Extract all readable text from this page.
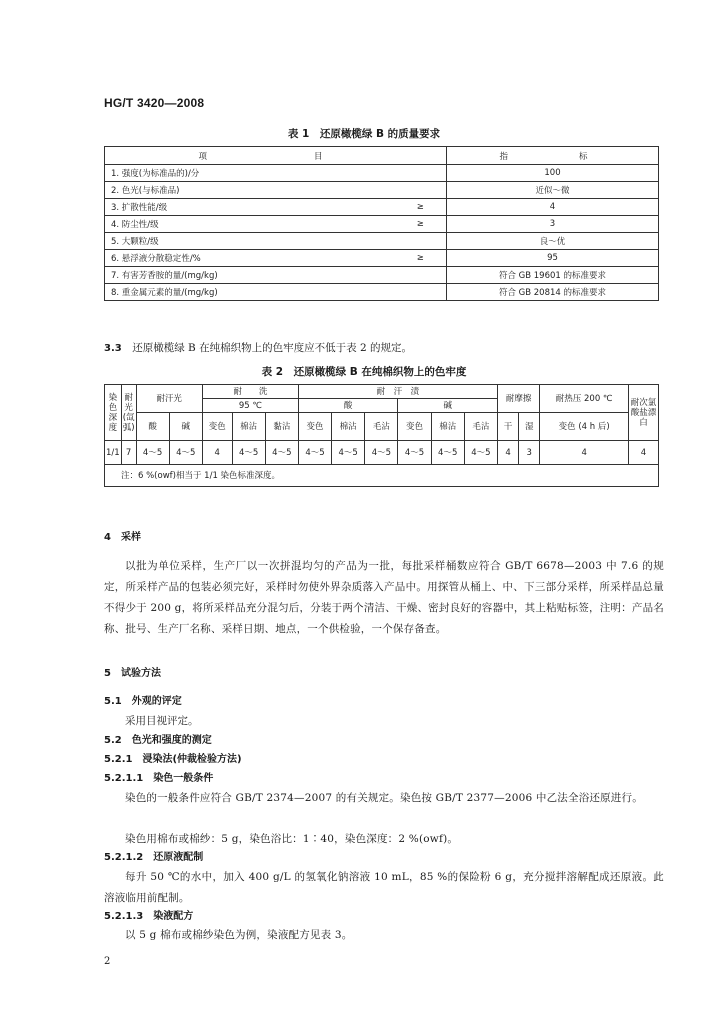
HG/T 3420—2008
表 1　还原橄榄绿 B 的质量要求
项　　目		指　　标
1. 强度(为标准品的)/分		100
2. 色光(与标准品)		近似～微
3. 扩散性能/级	≥	4
4. 防尘性/级	≥	3
5. 大颗粒/级		良～优
6. 悬浮液分散稳定性/%	≥	95
7. 有害芳香胺的量/(mg/kg)		符合 GB 19601 的标准要求
8. 重金属元素的量/(mg/kg)		符合 GB 20814 的标准要求
3.3　 还原橄榄绿 B 在纯棉织物上的色牢度应不低于表 2 的规定。
表 2　还原橄榄绿 B 在纯棉织物上的色牢度
染色深度	耐光(氙弧)	耐汗光		耐　　洗			耐　汗　渍						耐摩擦		耐热压 200 ℃	耐次氯酸盐漂白
				95 ℃			酸			碱						
		酸	碱	变色	棉沾	黏沾	变色	棉沾	毛沾	变色	棉沾	毛沾	干	湿	变色 (4 h 后)	

1/1	7	4～5	4～5	4	4～5	4～5	4～5	4～5	4～5	4～5	4～5	4～5	4	3	4	4
注：6 %(owf)相当于 1/1 染色标准深度。																
4　 采样
以批为单位采样，生产厂以一次拼混均匀的产品为一批，每批采样桶数应符合 GB/T 6678—2003 中 7.6 的规定，所采样产品的包装必须完好，采样时勿使外界杂质落入产品中。用探管从桶上、中、下三部分采样，所采样品总量不得少于 200 g，将所采样品充分混匀后，分装于两个清洁、干燥、密封良好的容器中，其上粘贴标签，注明：产品名称、批号、生产厂名称、采样日期、地点，一个供检验，一个保存备查。
5　 试验方法
5.1　 外观的评定
采用目视评定。
5.2　 色光和强度的测定
5.2.1　 浸染法(仲裁检验方法)
5.2.1.1　 染色一般条件
染色的一般条件应符合 GB/T 2374—2007 的有关规定。染色按 GB/T 2377—2006 中乙法全浴还原进行。
染色用棉布或棉纱：5 g，染色浴比：1∶40，染色深度：2 %(owf)。
5.2.1.2　 还原液配制
每升 50 ℃的水中，加入 400 g/L 的氢氧化钠溶液 10 mL，85 %的保险粉 6 g，充分搅拌溶解配成还原液。此溶液临用前配制。
5.2.1.3　 染液配方
以 5 g 棉布或棉纱染色为例，染液配方见表 3。
2
